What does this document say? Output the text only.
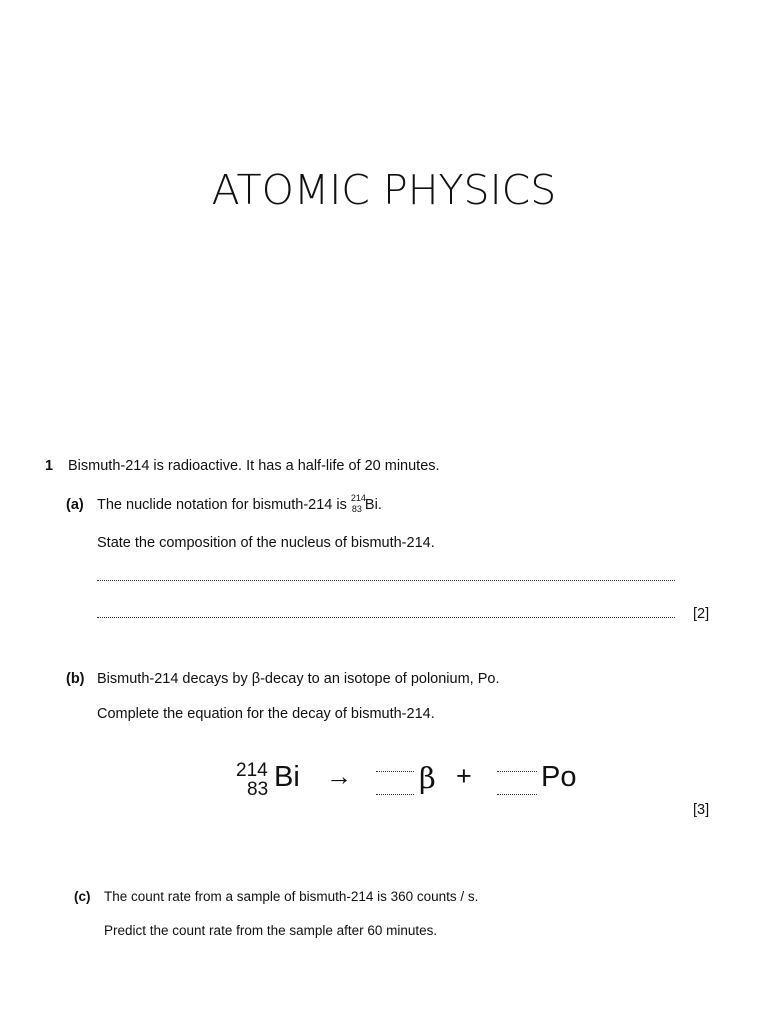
ATOMIC PHYSICS
1 Bismuth-214 is radioactive. It has a half-life of 20 minutes.
(a) The nuclide notation for bismuth-214 is 214
83 Bi.
State the composition of the nucleus of bismuth-214.
[2]
(b) Bismuth-214 decays by β-decay to an isotope of polonium, Po.
Complete the equation for the decay of bismuth-214.
214
83 Bi → β + Po
[3]
(c) The count rate from a sample of bismuth-214 is 360 counts / s.
Predict the count rate from the sample after 60 minutes.
